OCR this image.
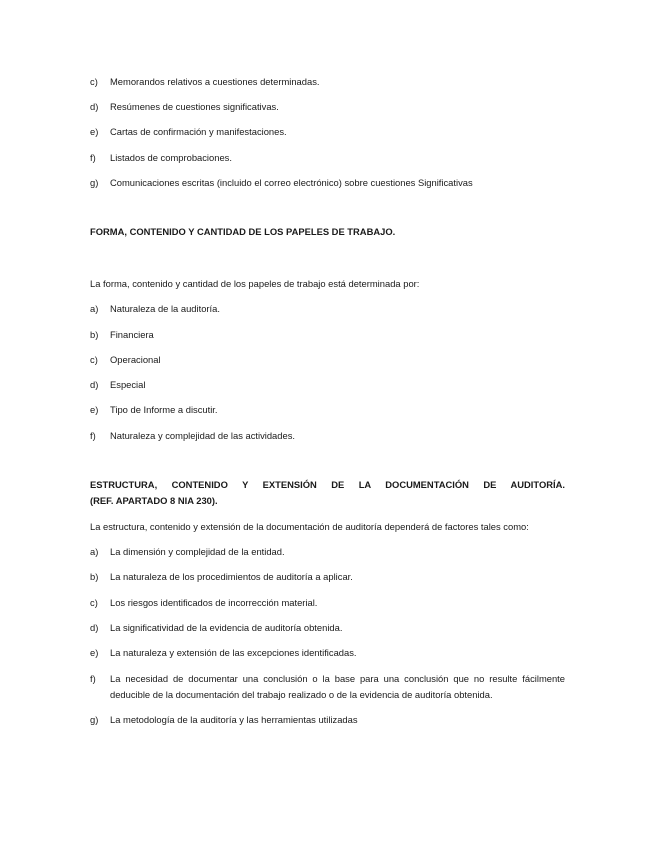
c)	Memorandos relativos a cuestiones determinadas.
d)	Resúmenes de cuestiones significativas.
e)	Cartas de confirmación y manifestaciones.
f)	Listados de comprobaciones.
g)	Comunicaciones escritas (incluido el correo electrónico) sobre cuestiones Significativas
FORMA, CONTENIDO Y CANTIDAD DE LOS PAPELES DE TRABAJO.
La forma, contenido y cantidad de los papeles de trabajo está determinada por:
a)	Naturaleza de la auditoría.
b)	Financiera
c)	Operacional
d)	Especial
e)	Tipo de Informe a discutir.
f)	Naturaleza y complejidad de las actividades.
ESTRUCTURA, CONTENIDO Y EXTENSIÓN DE LA DOCUMENTACIÓN DE AUDITORÍA.
(REF. APARTADO 8 NIA 230).
La estructura, contenido y extensión de la documentación de auditoría dependerá de factores tales como:
a)	La dimensión y complejidad de la entidad.
b)	La naturaleza de los procedimientos de auditoría a aplicar.
c)	Los riesgos identificados de incorrección material.
d)	La significatividad de la evidencia de auditoría obtenida.
e)	La naturaleza y extensión de las excepciones identificadas.
f)	La necesidad de documentar una conclusión o la base para una conclusión que no resulte fácilmente deducible de la documentación del trabajo realizado o de la evidencia de auditoría obtenida.
g)	La metodología de la auditoría y las herramientas utilizadas
